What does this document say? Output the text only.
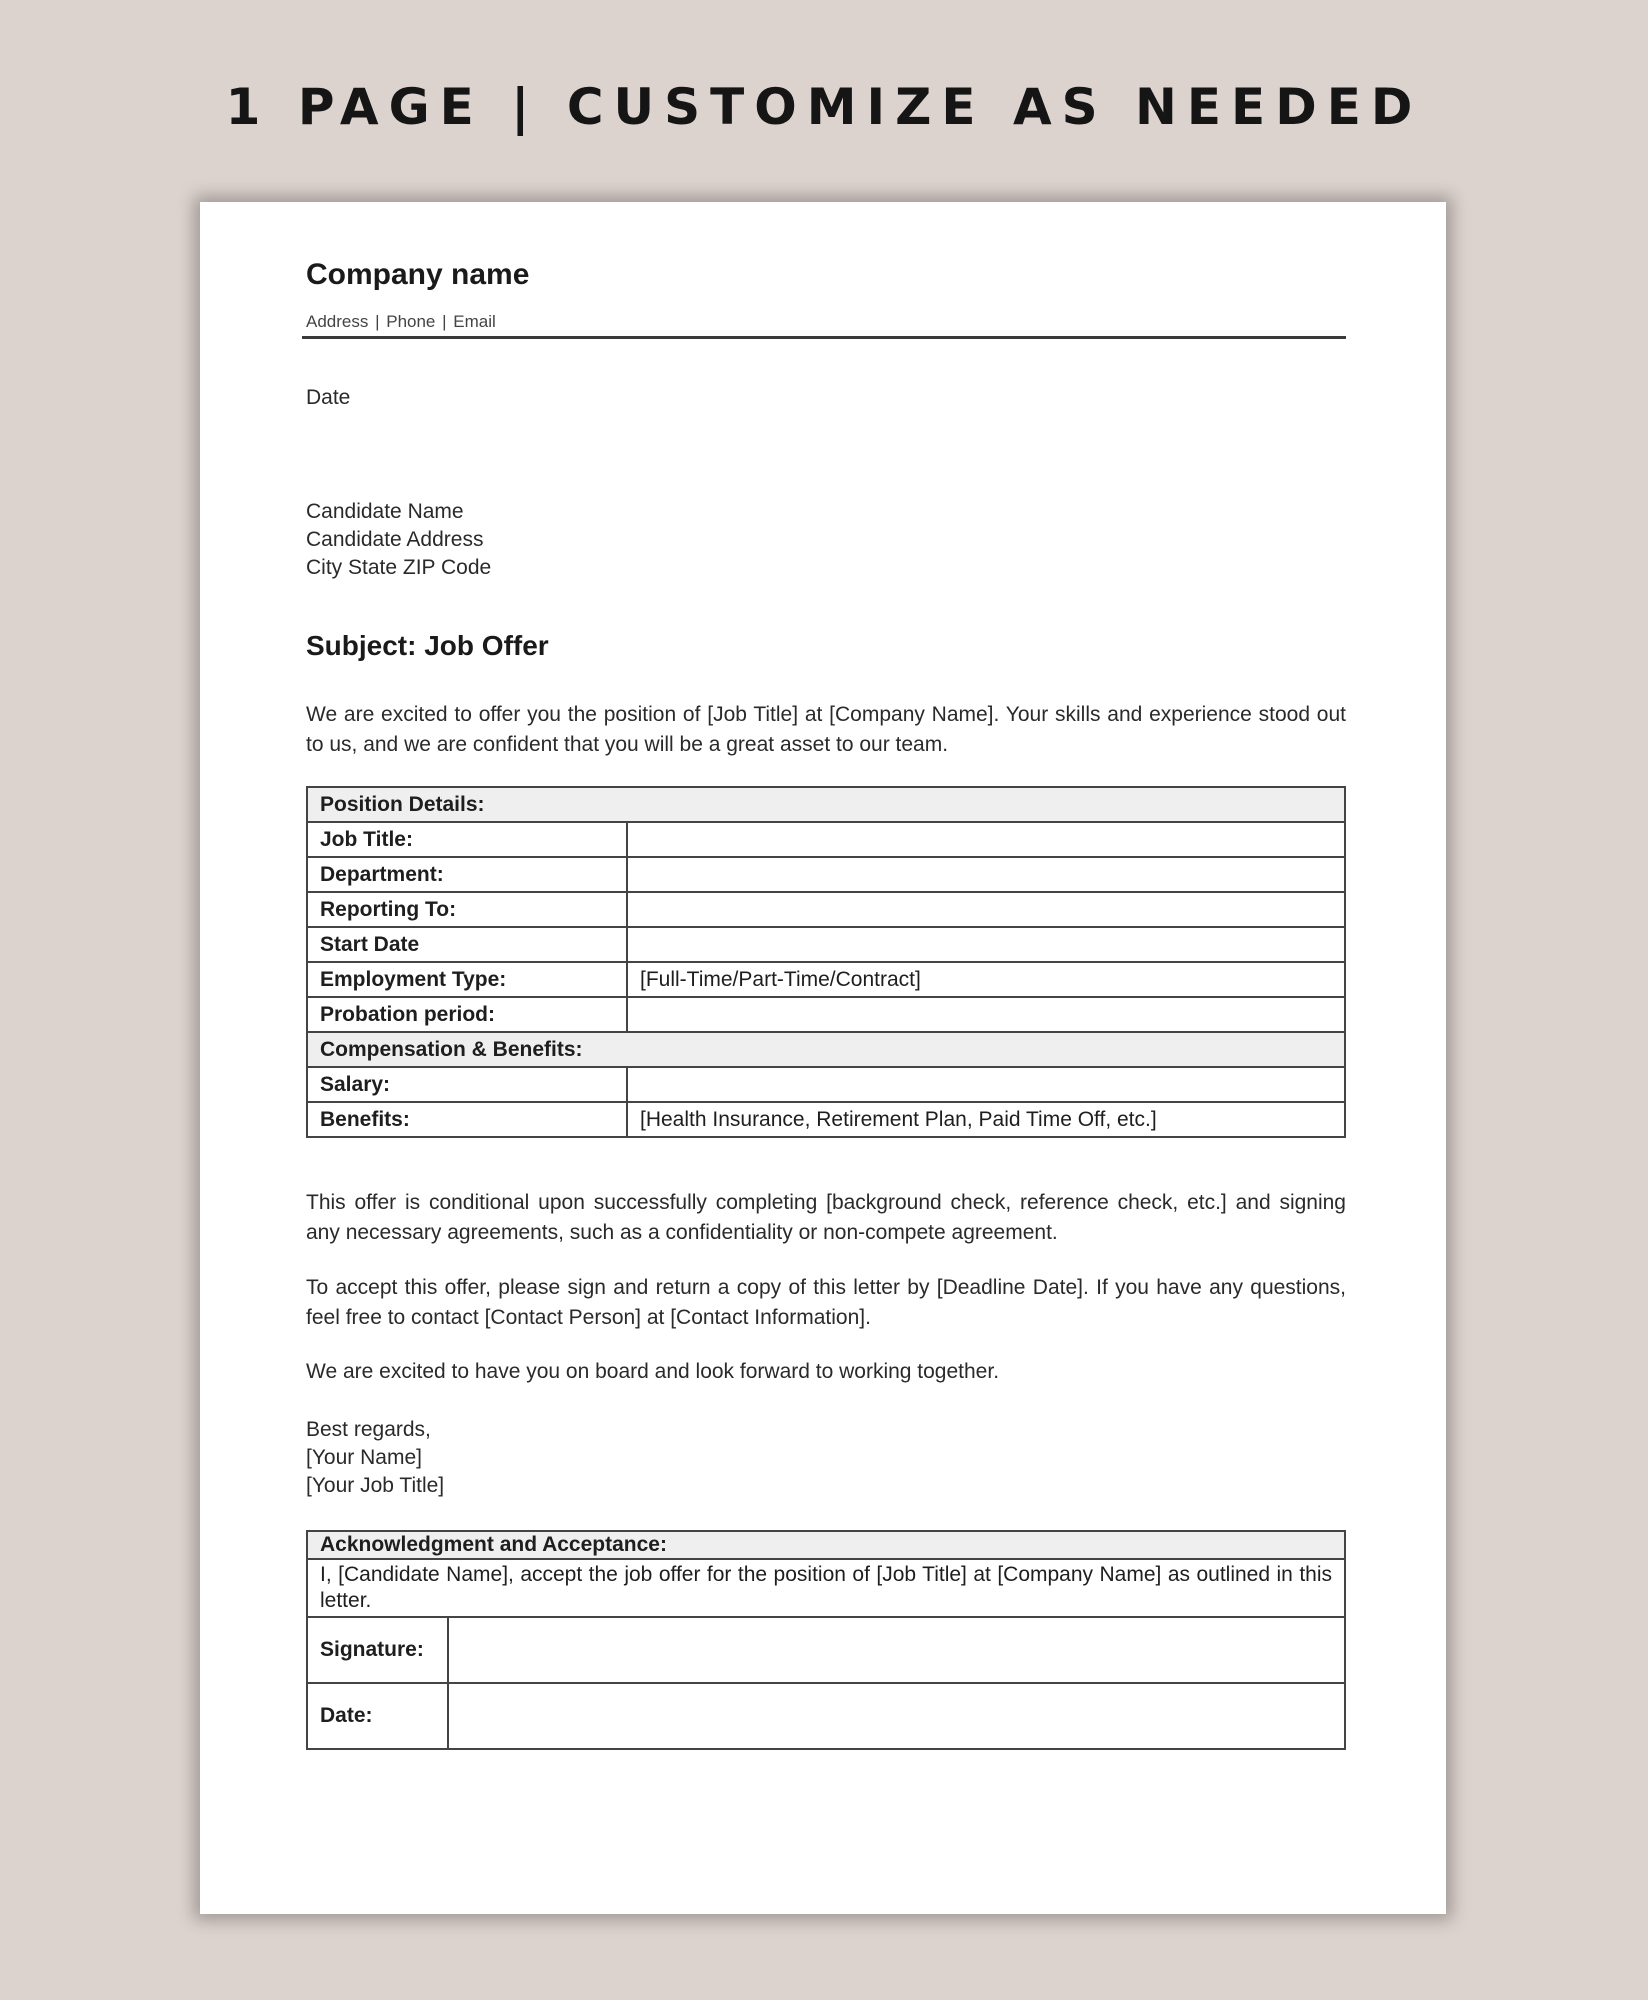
1 PAGE | CUSTOMIZE AS NEEDED
Company name
Address | Phone | Email
Date
Candidate Name
Candidate Address
City State ZIP Code
Subject: Job Offer
We are excited to offer you the position of [Job Title] at [Company Name]. Your skills and experience stood out to us, and we are confident that you will be a great asset to our team.
Position Details:	
Job Title:	
Department:	
Reporting To:	
Start Date	
Employment Type:	[Full-Time/Part-Time/Contract]
Probation period:	
Compensation & Benefits:	
Salary:	
Benefits:	[Health Insurance, Retirement Plan, Paid Time Off, etc.]
This offer is conditional upon successfully completing [background check, reference check, etc.] and signing any necessary agreements, such as a confidentiality or non-compete agreement.
To accept this offer, please sign and return a copy of this letter by [Deadline Date]. If you have any questions, feel free to contact [Contact Person] at [Contact Information].
We are excited to have you on board and look forward to working together.
Best regards,
[Your Name]
[Your Job Title]
Acknowledgment and Acceptance:	
I, [Candidate Name], accept the job offer for the position of [Job Title] at [Company Name] as outlined in this letter.	
Signature:	
Date:	
